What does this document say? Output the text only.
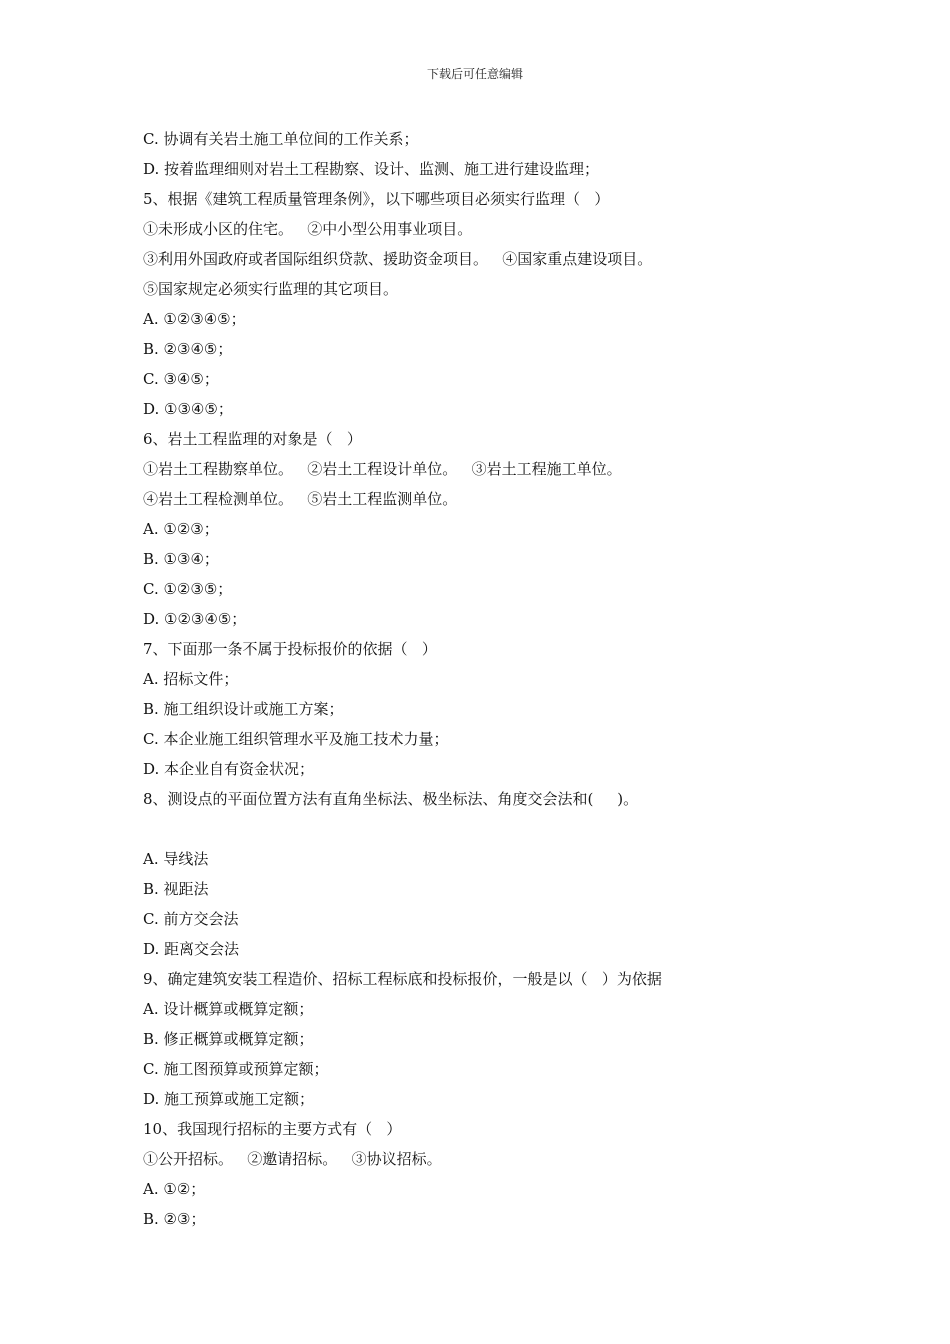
下载后可任意编辑
C. 协调有关岩土施工单位间的工作关系；
D. 按着监理细则对岩土工程勘察、设计、监测、施工进行建设监理；
5、根据《建筑工程质量管理条例》，以下哪些项目必须实行监理（   ）
①未形成小区的住宅。   ②中小型公用事业项目。
③利用外国政府或者国际组织贷款、援助资金项目。   ④国家重点建设项目。
⑤国家规定必须实行监理的其它项目。
A. ①②③④⑤；
B. ②③④⑤；
C. ③④⑤；
D. ①③④⑤；
6、岩土工程监理的对象是（   ）
①岩土工程勘察单位。   ②岩土工程设计单位。   ③岩土工程施工单位。
④岩土工程检测单位。   ⑤岩土工程监测单位。
A. ①②③；
B. ①③④；
C. ①②③⑤；
D. ①②③④⑤；
7、下面那一条不属于投标报价的依据（   ）
A. 招标文件；
B. 施工组织设计或施工方案；
C. 本企业施工组织管理水平及施工技术力量；
D. 本企业自有资金状况；
8、测设点的平面位置方法有直角坐标法、极坐标法、角度交会法和(     )。
A. 导线法
B. 视距法
C. 前方交会法
D. 距离交会法
9、确定建筑安装工程造价、招标工程标底和投标报价，一般是以（   ）为依据
A. 设计概算或概算定额；
B. 修正概算或概算定额；
C. 施工图预算或预算定额；
D. 施工预算或施工定额；
10、我国现行招标的主要方式有（   ）
①公开招标。   ②邀请招标。   ③协议招标。
A. ①②；
B. ②③；
